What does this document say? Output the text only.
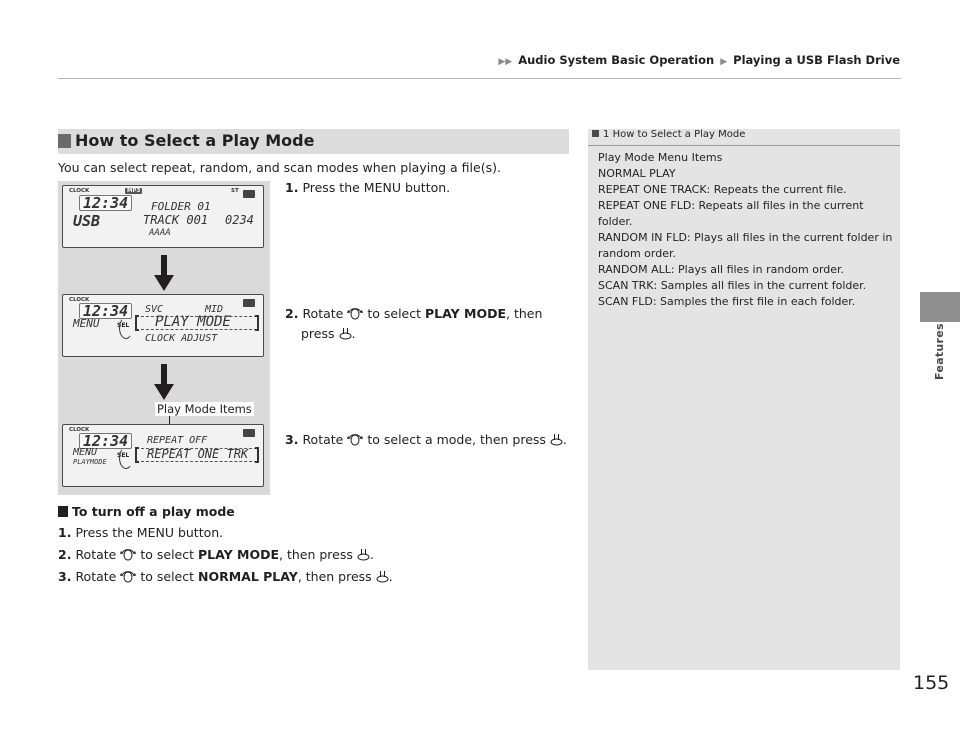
▶▶ Audio System Basic Operation ▶ Playing a USB Flash Drive
Features
How to Select a Play Mode
You can select repeat, random, and scan modes when playing a file(s).
CLOCK	MP3	ST
12:34
USB
FOLDER 01
TRACK 001 0234
AAAA
CLOCK
12:34
MENU	SEL
SVC	MID
PLAY MODE
CLOCK ADJUST
Play Mode Items
CLOCK
12:34
MENU
PLAYMODE
SEL
REPEAT OFF
REPEAT ONE TRK
1. Press the MENU button.
2. Rotate to select PLAY MODE, then
press .
3. Rotate to select a mode, then press .
To turn off a play mode
1. Press the MENU button.
2. Rotate to select PLAY MODE, then press .
3. Rotate to select NORMAL PLAY, then press .
1 How to Select a Play Mode
Play Mode Menu Items
NORMAL PLAY
REPEAT ONE TRACK: Repeats the current file.
REPEAT ONE FLD: Repeats all files in the current folder.
RANDOM IN FLD: Plays all files in the current folder in random order.
RANDOM ALL: Plays all files in random order.
SCAN TRK: Samples all files in the current folder.
SCAN FLD: Samples the first file in each folder.
155
